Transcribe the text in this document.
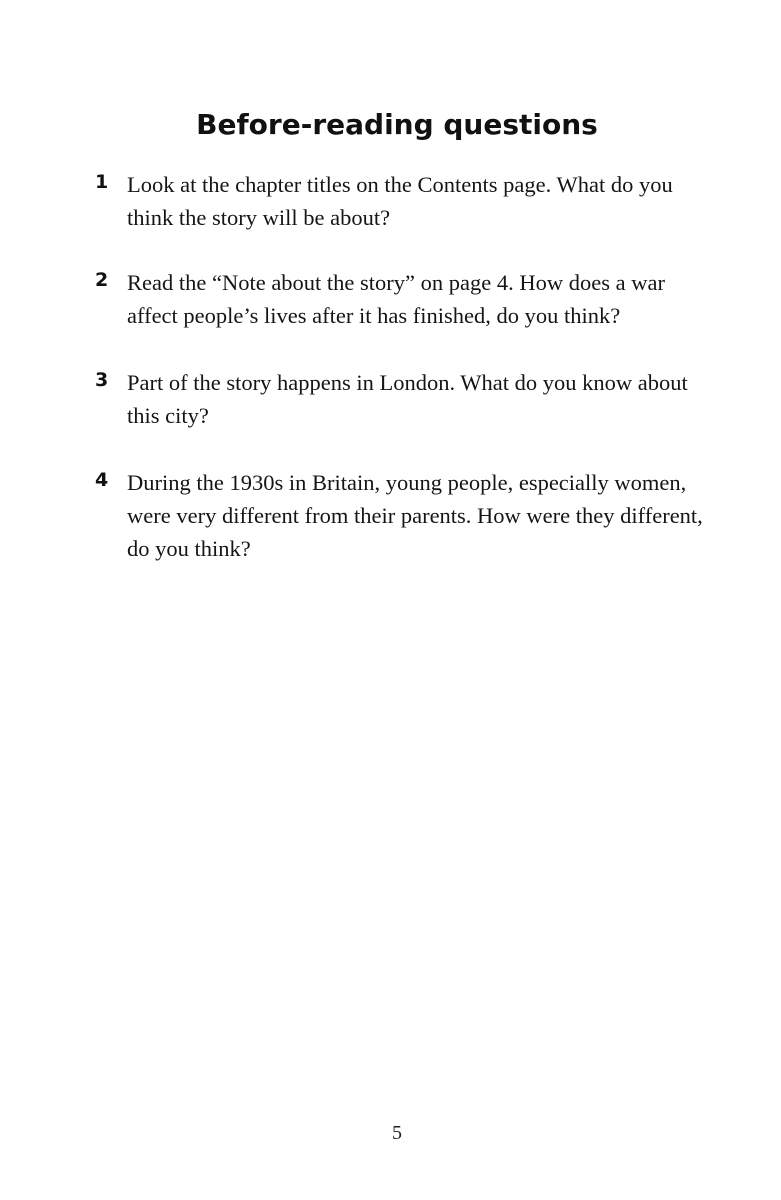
Before-reading questions
1 Look at the chapter titles on the Contents page. What do you think the story will be about?
2 Read the “Note about the story” on page 4. How does a war affect people’s lives after it has finished, do you think?
3 Part of the story happens in London. What do you know about this city?
4 During the 1930s in Britain, young people, especially women, were very different from their parents. How were they different, do you think?
5
